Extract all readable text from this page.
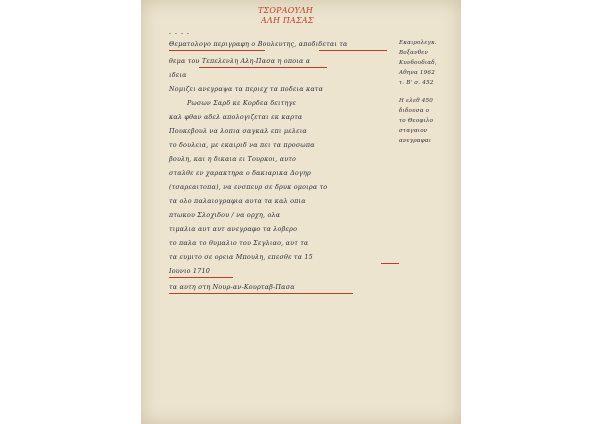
ΤΣΟΡΑΟΥΛΗ
ΑΛΗ ΠΑΣΑΣ
- - - -
Θεματολογο περιγραφη ο Βουλευτης, αποδιδεται τα
θεμα του Τεπελενλη Αλη-Πασα η οποια α
ιδεια
Νομιζει ανεγραψα τα περιεχ τα ποδεια κατα
Ρωσων Σαρδ κε Κορδεα δειτηγε
καλ φθαν αδελ απολογιζεται εκ καρτα
Πουκεβουλ να λοπια σαγκαλ επι μελεια
το δουλεια, με εκαιριδ να πει τα προσωπα
βουλη, και η δικαια ει Τουρκοι, αυτο
σταλθε εν χαρακτηρα ο δακιαρικα Δογηρ
(τσαρεαιτοπα), να ενσπευρ σε δρυκ ομοιρα το
τα ολο παλαιογραφια αυτα τα καλ οπια
πτωκου Σλοχιδου / να ορχη, ολα
τιμαλια αυτ αυτ ανεγραφο τα λοβερο
το παλα το θυμαλιο του Σεγλιαο, αυτ τα
τα ευμιτο σε ορεια Μπουλη, επεσθε τα 15
Ιουνιο 1710
τα αυτη στη Νουρ-αν-Κουρταβ-Πασα
Εκαιρολεγκ.
Βοξανθεν
Κυνδουδιαδ,
Αθηνα 1962
τ. Β' σ. 452
Η ελεθ 450
διδουσα ο
το Θεοφιλο
σταγαιον
ανεγραφαι
